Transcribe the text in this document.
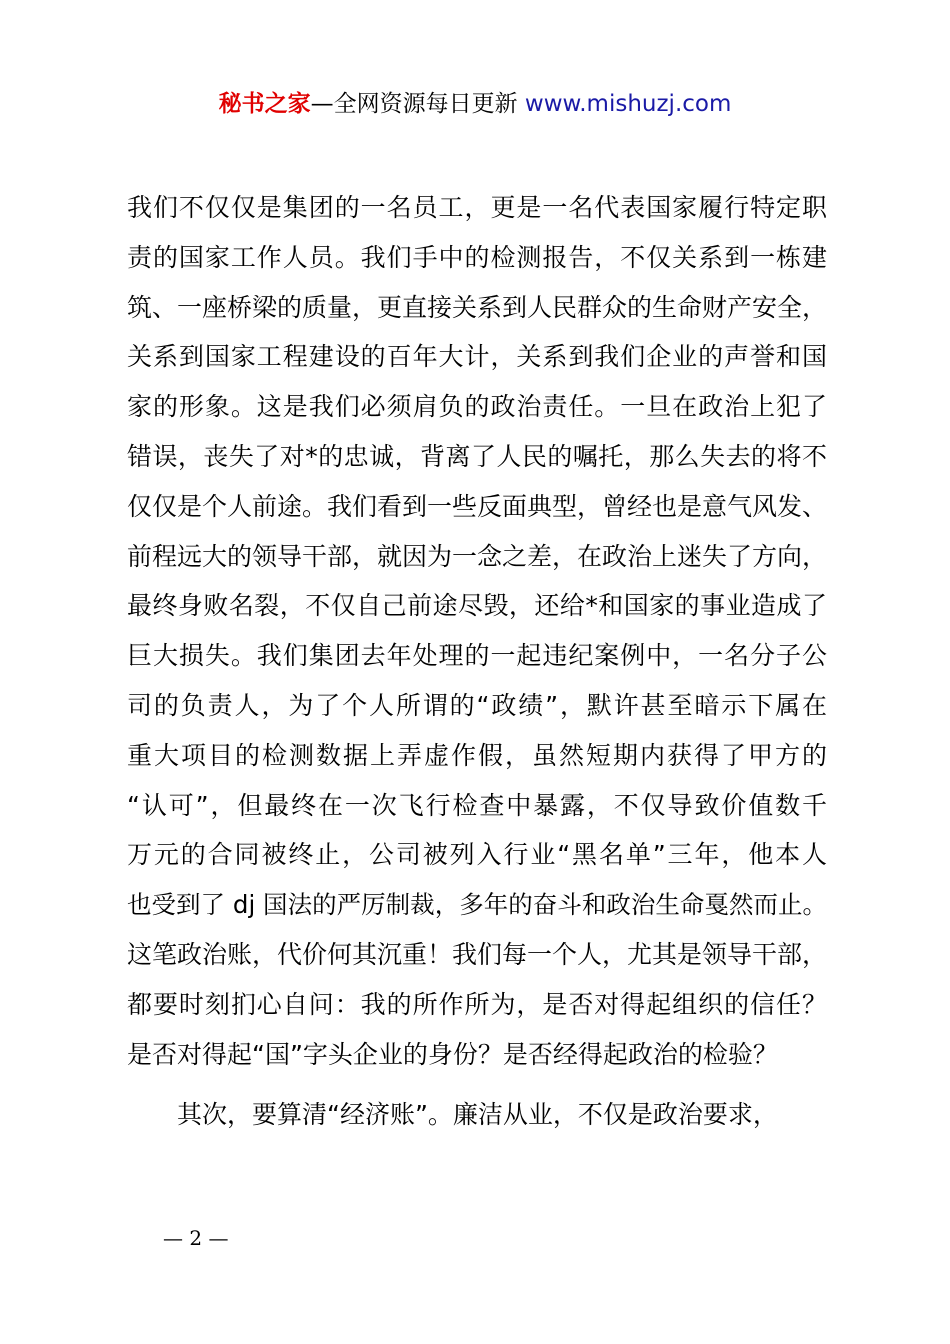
秘书之家—全网资源每日更新 www.mishuzj.com
我们不仅仅是集团的一名员工，更是一名代表国家履行特定职
责的国家工作人员。我们手中的检测报告，不仅关系到一栋建
筑、一座桥梁的质量，更直接关系到人民群众的生命财产安全，
关系到国家工程建设的百年大计，关系到我们企业的声誉和国
家的形象。这是我们必须肩负的政治责任。一旦在政治上犯了
错误，丧失了对*的忠诚，背离了人民的嘱托，那么失去的将不
仅仅是个人前途。我们看到一些反面典型，曾经也是意气风发、
前程远大的领导干部，就因为一念之差，在政治上迷失了方向，
最终身败名裂，不仅自己前途尽毁，还给*和国家的事业造成了
巨大损失。我们集团去年处理的一起违纪案例中，一名分子公
司的负责人，为了个人所谓的“政绩”，默许甚至暗示下属在
重大项目的检测数据上弄虚作假，虽然短期内获得了甲方的
“认可”，但最终在一次飞行检查中暴露，不仅导致价值数千
万元的合同被终止，公司被列入行业“黑名单”三年，他本人
也受到了 dj 国法的严厉制裁，多年的奋斗和政治生命戛然而止。
这笔政治账，代价何其沉重！我们每一个人，尤其是领导干部，
都要时刻扪心自问：我的所作所为，是否对得起组织的信任？
是否对得起“国”字头企业的身份？是否经得起政治的检验？
其次，要算清“经济账”。廉洁从业，不仅是政治要求，
— 2 —
